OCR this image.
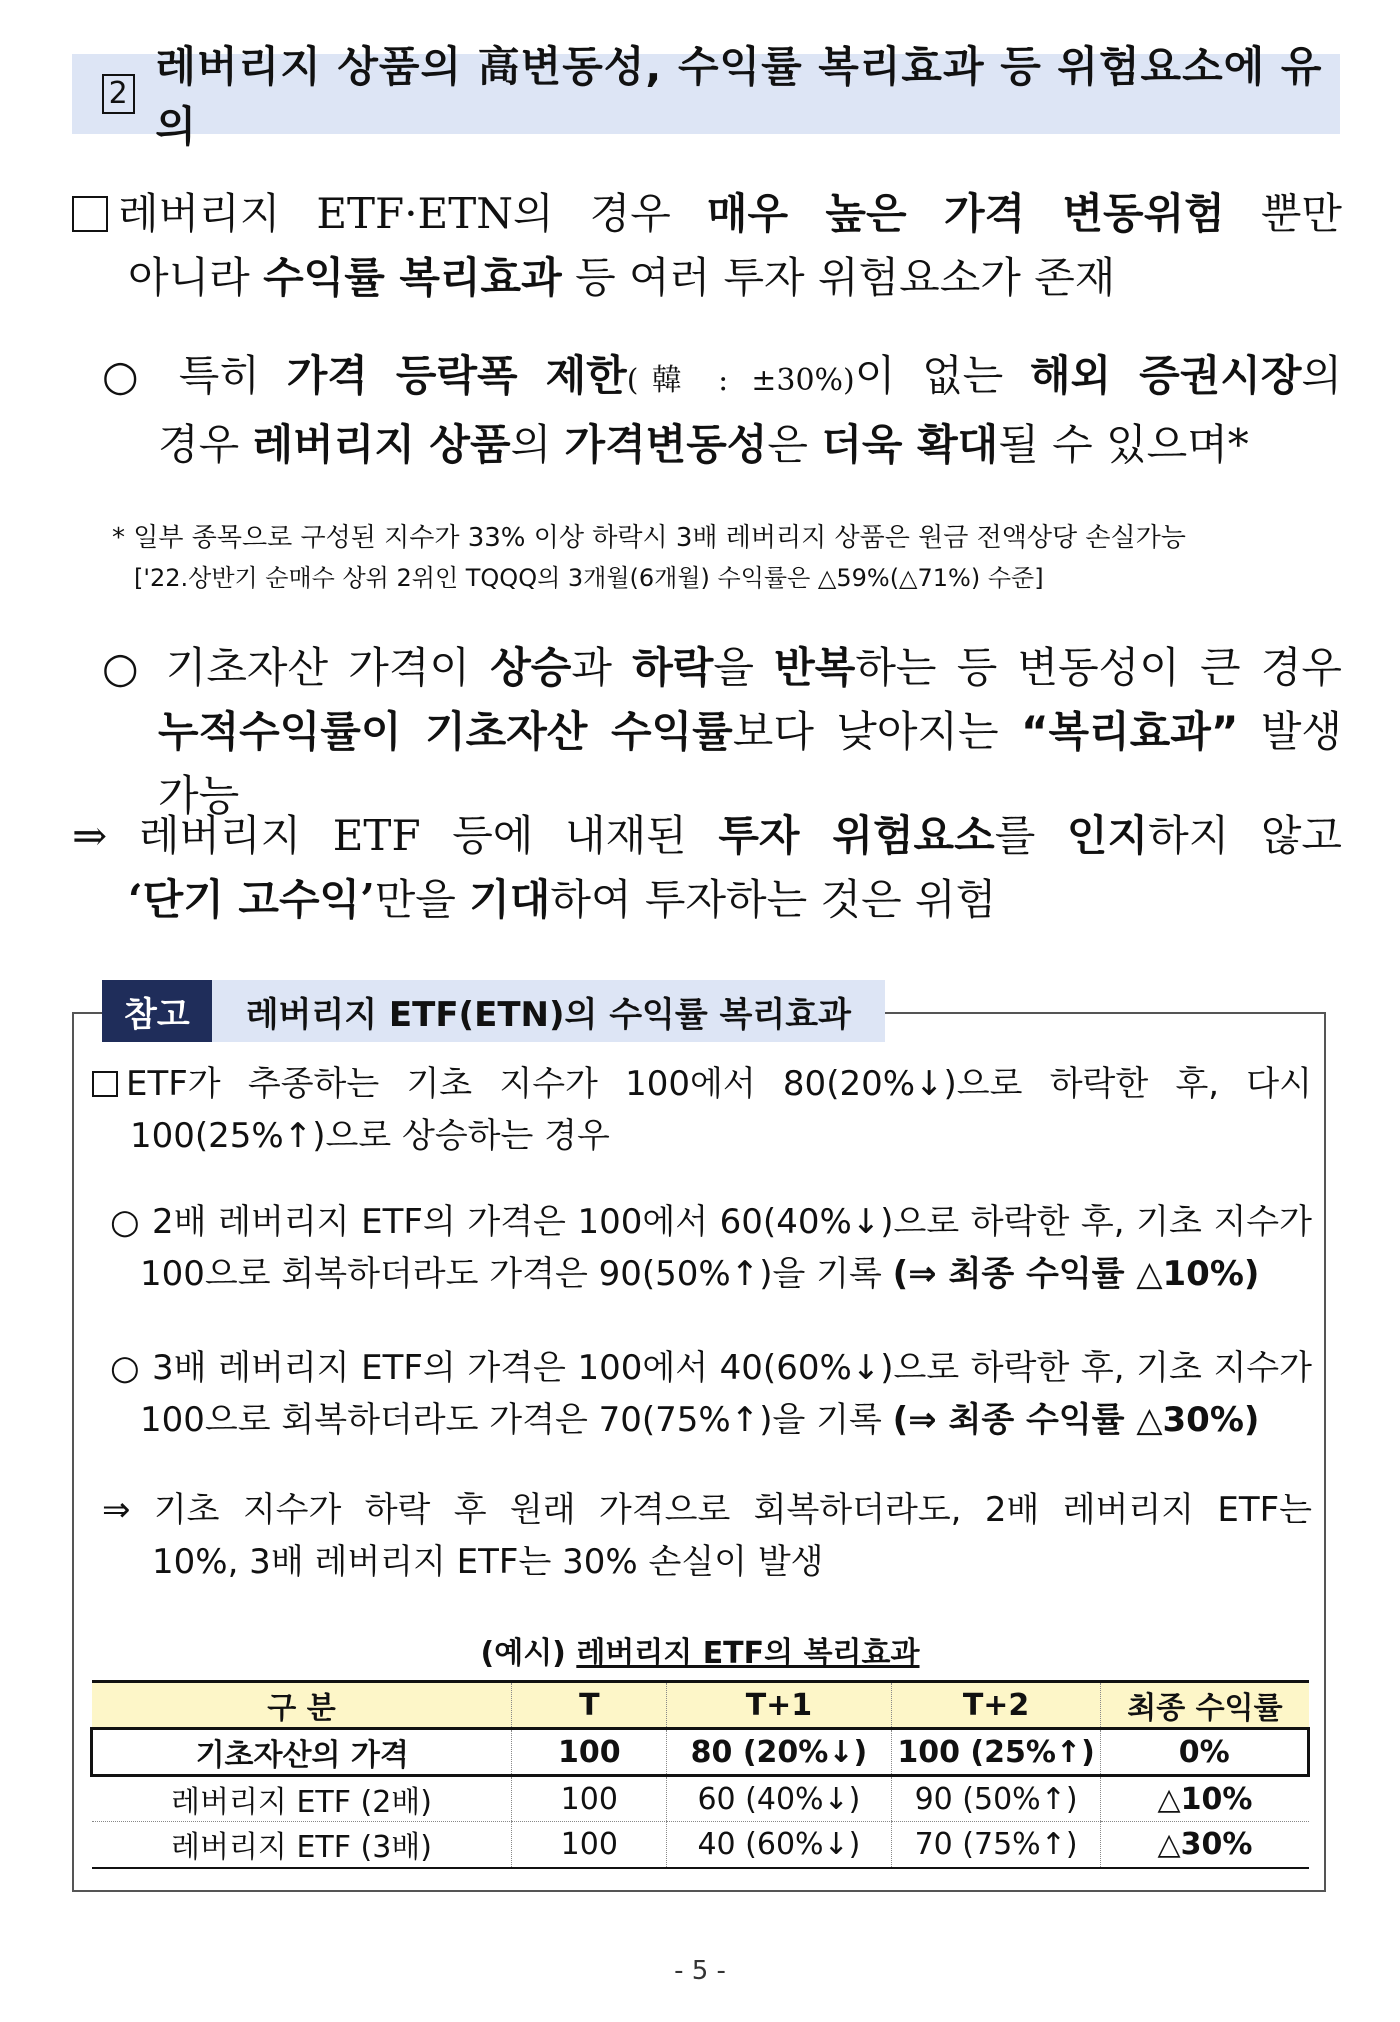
2
레버리지 상품의 高변동성, 수익률 복리효과 등 위험요소에 유의

레버리지 ETF·ETN의 경우 매우 높은 가격 변동위험 뿐만

아니라 수익률 복리효과 등 여러 투자 위험요소가 존재

○ 특히 가격 등락폭 제한(韓 : ±30%)이 없는 해외 증권시장의

경우 레버리지 상품의 가격변동성은 더욱 확대될 수 있으며*

* 일부 종목으로 구성된 지수가 33% 이상 하락시 3배 레버리지 상품은 원금 전액상당 손실가능
['22.상반기 순매수 상위 2위인 TQQQ의 3개월(6개월) 수익률은 △59%(△71%) 수준]

○ 기초자산 가격이 상승과 하락을 반복하는 등 변동성이 큰 경우

누적수익률이 기초자산 수익률보다 낮아지는 “복리효과” 발생 가능

⇒ 레버리지 ETF 등에 내재된 투자 위험요소를 인지하지 않고

‘단기 고수익’만을 기대하여 투자하는 것은 위험

참고	레버리지 ETF(ETN)의 수익률 복리효과

ETF가 추종하는 기초 지수가 100에서 80(20%↓)으로 하락한 후, 다시

100(25%↑)으로 상승하는 경우

○ 2배 레버리지 ETF의 가격은 100에서 60(40%↓)으로 하락한 후, 기초 지수가

100으로 회복하더라도 가격은 90(50%↑)을 기록 (⇒ 최종 수익률 △10%)

○ 3배 레버리지 ETF의 가격은 100에서 40(60%↓)으로 하락한 후, 기초 지수가

100으로 회복하더라도 가격은 70(75%↑)을 기록 (⇒ 최종 수익률 △30%)

⇒ 기초 지수가 하락 후 원래 가격으로 회복하더라도, 2배 레버리지 ETF는

10%, 3배 레버리지 ETF는 30% 손실이 발생

(예시) 레버리지 ETF의 복리효과
구 분	T	T+1	T+2	최종 수익률
기초자산의 가격	100	80 (20%↓)	100 (25%↑)	0%
레버리지 ETF (2배)	100	60 (40%↓)	90 (50%↑)	△10%
레버리지 ETF (3배)	100	40 (60%↓)	70 (75%↑)	△30%
- 5 -
